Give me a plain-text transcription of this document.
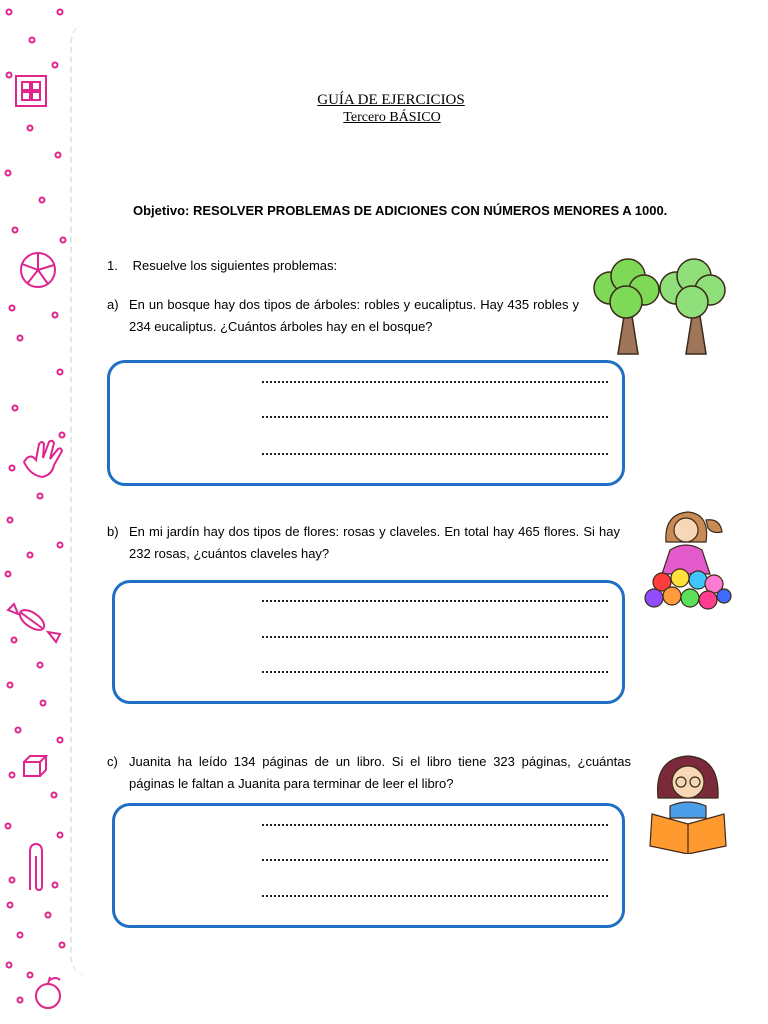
GUÍA DE EJERCICIOS
Tercero BÁSICO
Objetivo: RESOLVER PROBLEMAS DE ADICIONES CON NÚMEROS MENORES A 1000.
1. Resuelve los siguientes problemas:
a) En un bosque hay dos tipos de árboles: robles y eucaliptus. Hay 435 robles y 234 eucaliptus. ¿Cuántos árboles hay en el bosque?
b) En mi jardín hay dos tipos de flores: rosas y claveles. En total hay 465 flores. Si hay 232 rosas, ¿cuántos claveles hay?
c) Juanita ha leído 134 páginas de un libro. Si el libro tiene 323 páginas, ¿cuántas páginas le faltan a Juanita para terminar de leer el libro?
